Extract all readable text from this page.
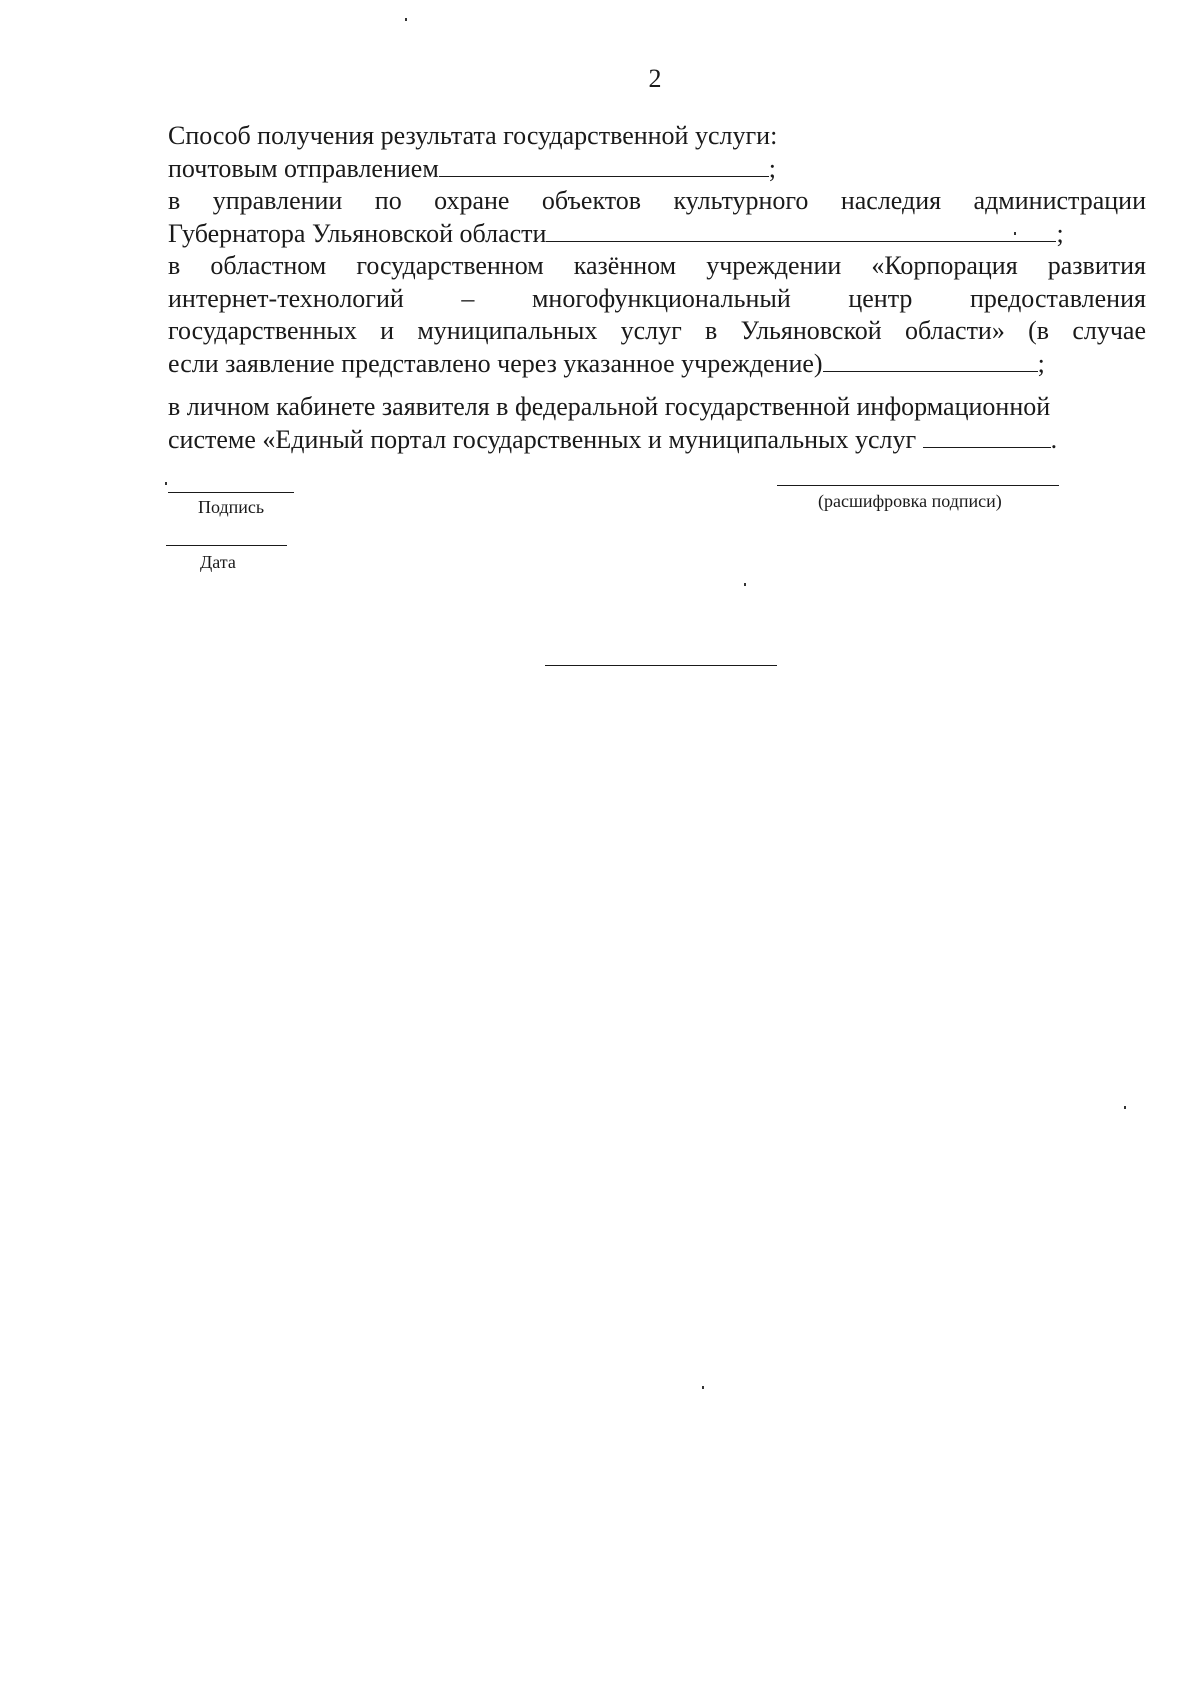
2
Способ получения результата государственной услуги:
почтовым отправлением	;
в управлении по охране объектов культурного наследия администрации
Губернатора Ульяновской области	;
в областном государственном казённом учреждении «Корпорация развития
интернет-технологий – многофункциональный центр предоставления
государственных и муниципальных услуг в Ульяновской области» (в случае
если заявление представлено через указанное учреждение)	;
в личном кабинете заявителя в федеральной государственной информационной
системе «Единый портал государственных и муниципальных услуг	.
Подпись	(расшифровка подписи)
Дата
